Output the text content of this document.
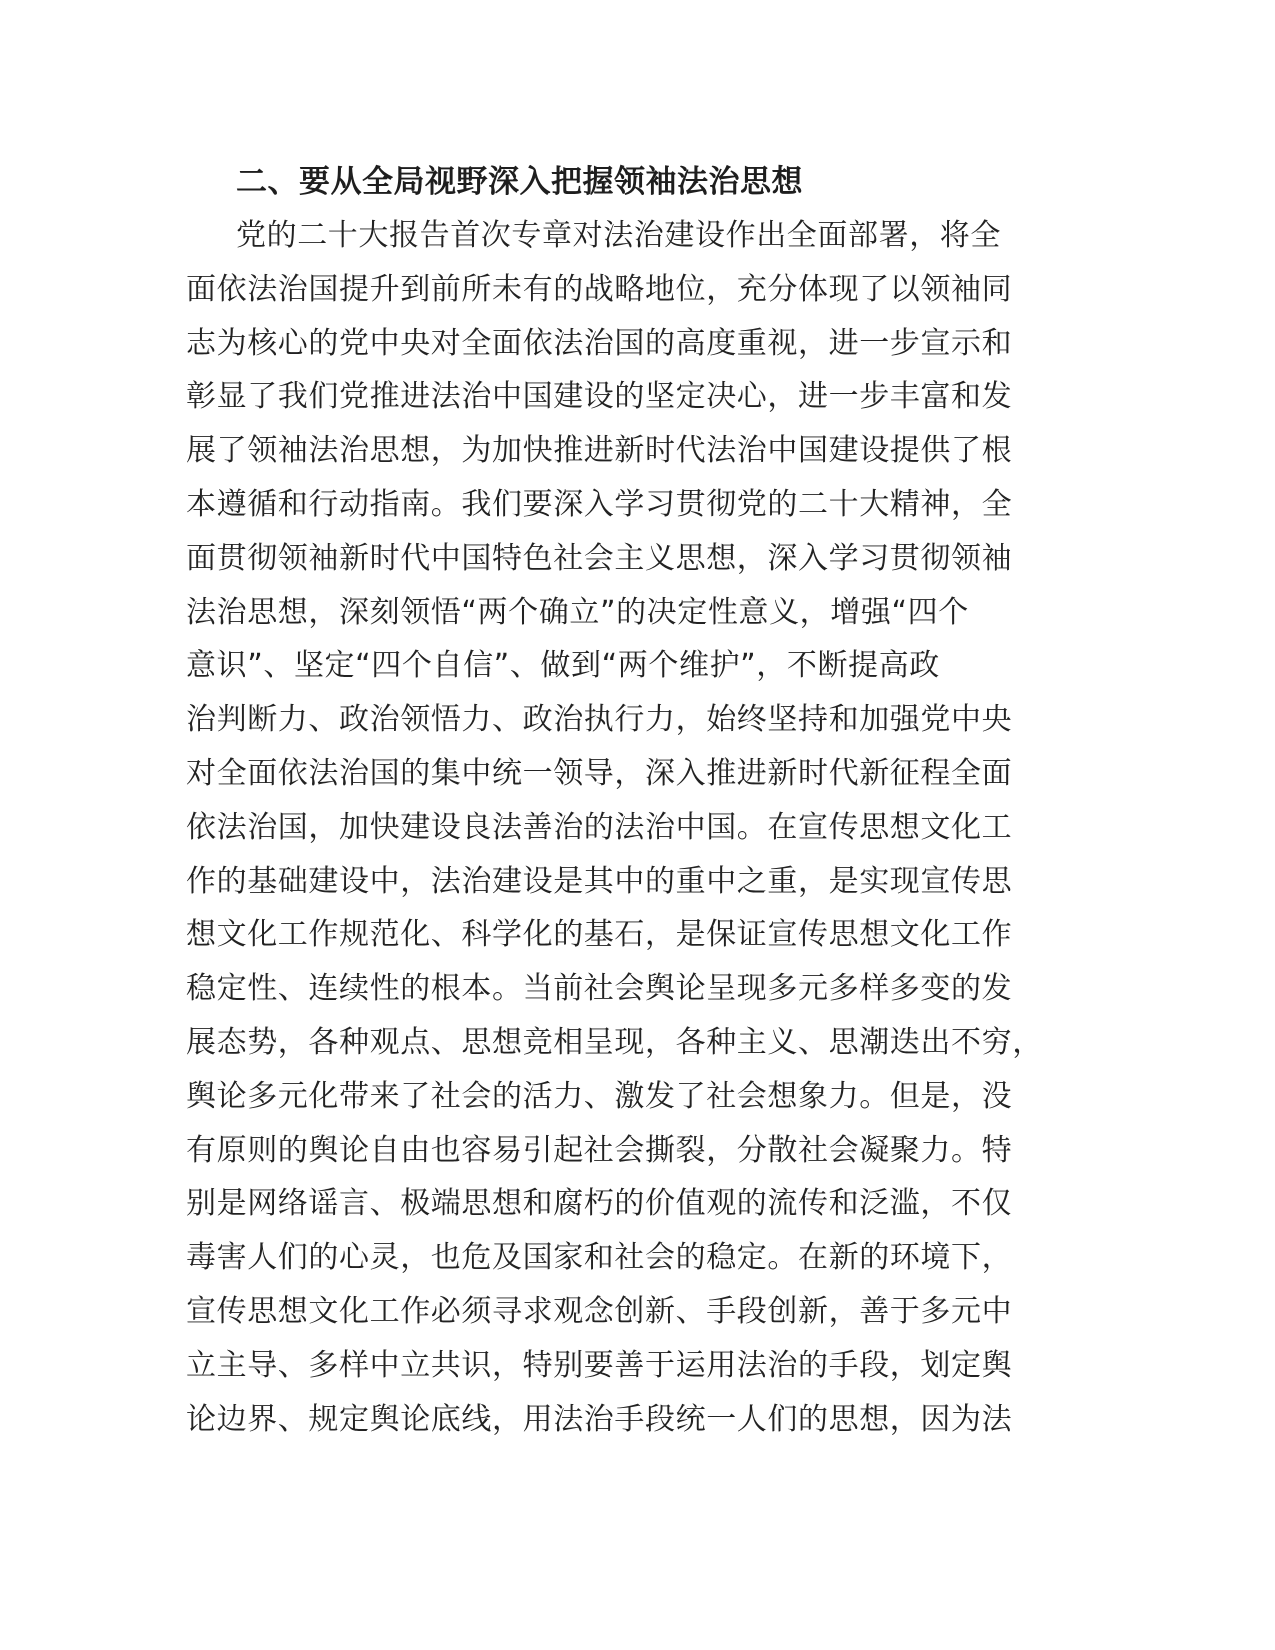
二、要从全局视野深入把握领袖法治思想
党的二十大报告首次专章对法治建设作出全面部署，将全
面依法治国提升到前所未有的战略地位，充分体现了以领袖同
志为核心的党中央对全面依法治国的高度重视，进一步宣示和
彰显了我们党推进法治中国建设的坚定决心，进一步丰富和发
展了领袖法治思想，为加快推进新时代法治中国建设提供了根
本遵循和行动指南。我们要深入学习贯彻党的二十大精神，全
面贯彻领袖新时代中国特色社会主义思想，深入学习贯彻领袖
法治思想，深刻领悟“两个确立”的决定性意义，增强“四个
意识”、坚定“四个自信”、做到“两个维护”，不断提高政
治判断力、政治领悟力、政治执行力，始终坚持和加强党中央
对全面依法治国的集中统一领导，深入推进新时代新征程全面
依法治国，加快建设良法善治的法治中国。在宣传思想文化工
作的基础建设中，法治建设是其中的重中之重，是实现宣传思
想文化工作规范化、科学化的基石，是保证宣传思想文化工作
稳定性、连续性的根本。当前社会舆论呈现多元多样多变的发
展态势，各种观点、思想竞相呈现，各种主义、思潮迭出不穷，
舆论多元化带来了社会的活力、激发了社会想象力。但是，没
有原则的舆论自由也容易引起社会撕裂，分散社会凝聚力。特
别是网络谣言、极端思想和腐朽的价值观的流传和泛滥，不仅
毒害人们的心灵，也危及国家和社会的稳定。在新的环境下，
宣传思想文化工作必须寻求观念创新、手段创新，善于多元中
立主导、多样中立共识，特别要善于运用法治的手段，划定舆
论边界、规定舆论底线，用法治手段统一人们的思想，因为法
